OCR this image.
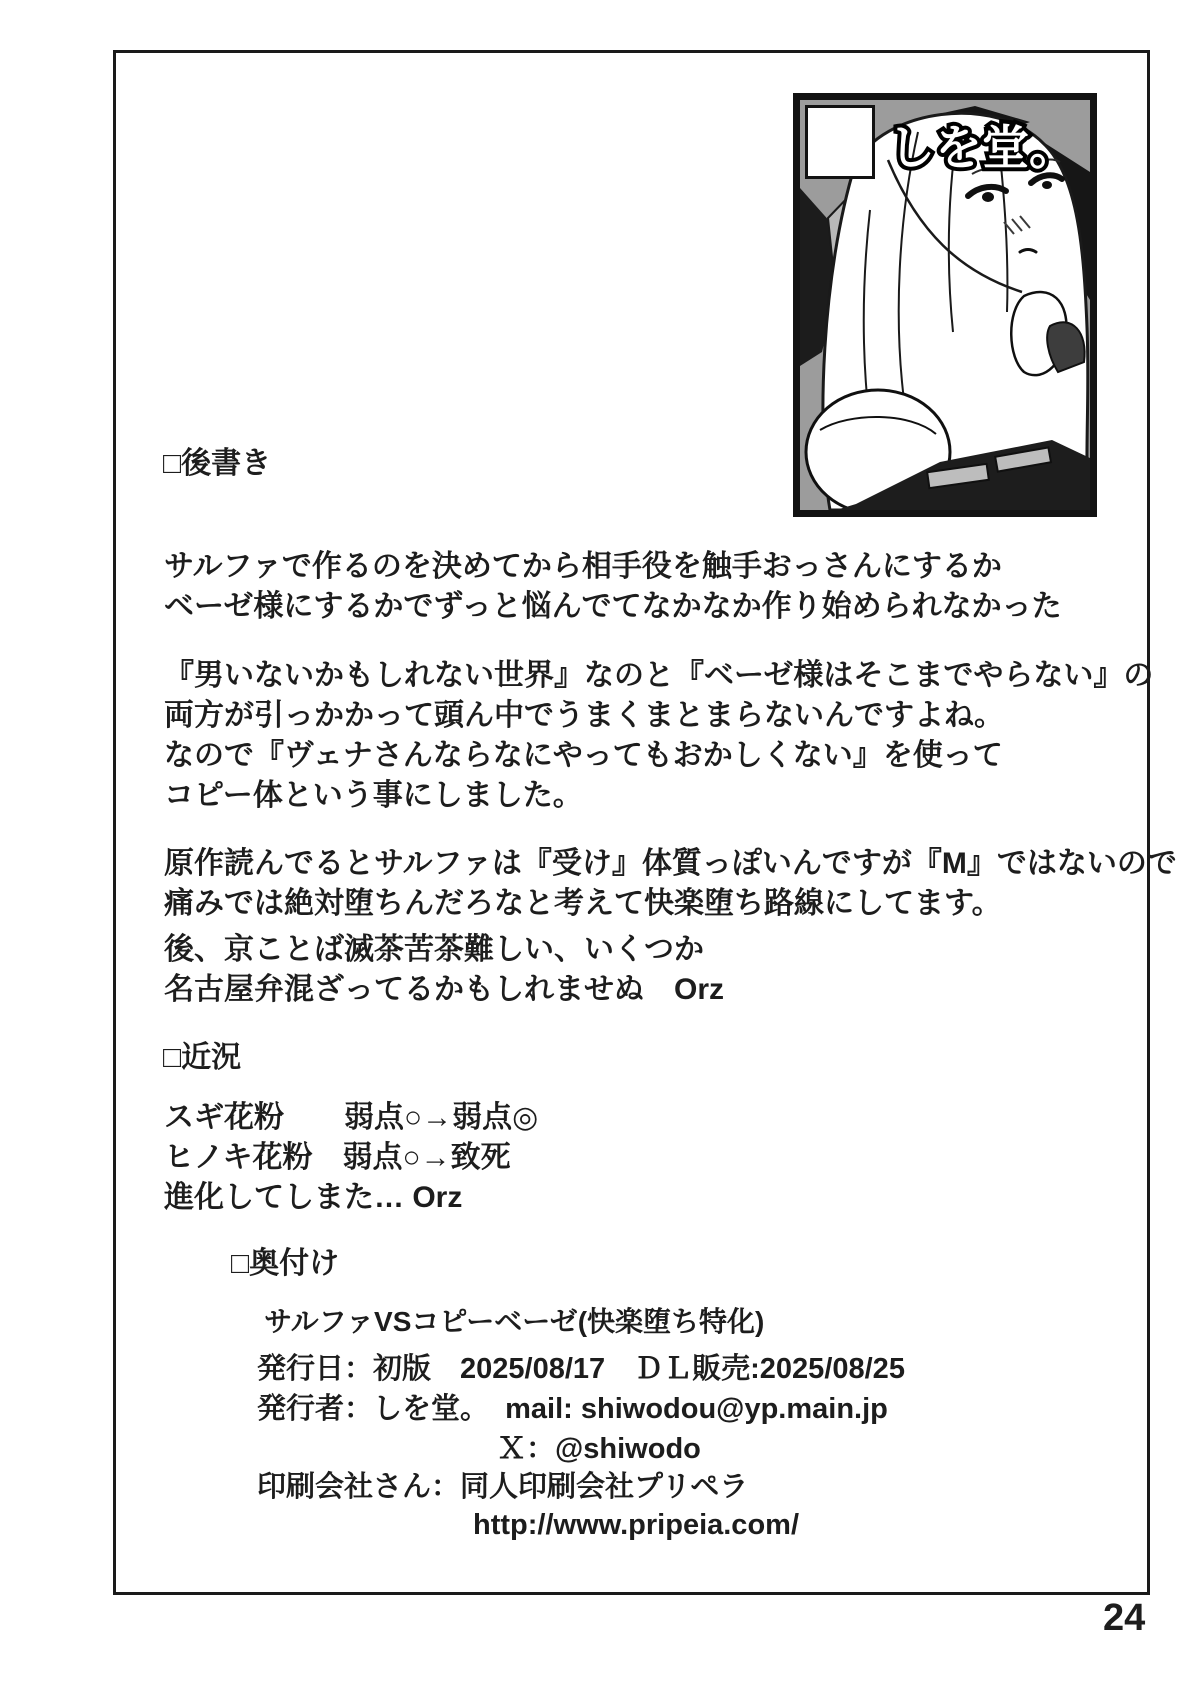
しを堂。
□後書き
サルファで作るのを決めてから相手役を触手おっさんにするか
ベーゼ様にするかでずっと悩んでてなかなか作り始められなかった
『男いないかもしれない世界』なのと『ベーゼ様はそこまでやらない』の
両方が引っかかって頭ん中でうまくまとまらないんですよね。
なので『ヴェナさんならなにやってもおかしくない』を使って
コピー体という事にしました。
原作読んでるとサルファは『受け』体質っぽいんですが『M』ではないので
痛みでは絶対堕ちんだろなと考えて快楽堕ち路線にしてます。
後、京ことば滅茶苦茶難しい、いくつか
名古屋弁混ざってるかもしれませぬ　Orz
□近況
スギ花粉　　弱点○→弱点◎
ヒノキ花粉　弱点○→致死
進化してしまた… Orz
□奥付け
サルファVSコピーベーゼ(快楽堕ち特化)
発行日：初版　2025/08/17　ＤＬ販売:2025/08/25
発行者：しを堂。  mail: shiwodou@yp.main.jp
Ｘ：@shiwodo
印刷会社さん：同人印刷会社プリペラ
http://www.pripeia.com/
24
